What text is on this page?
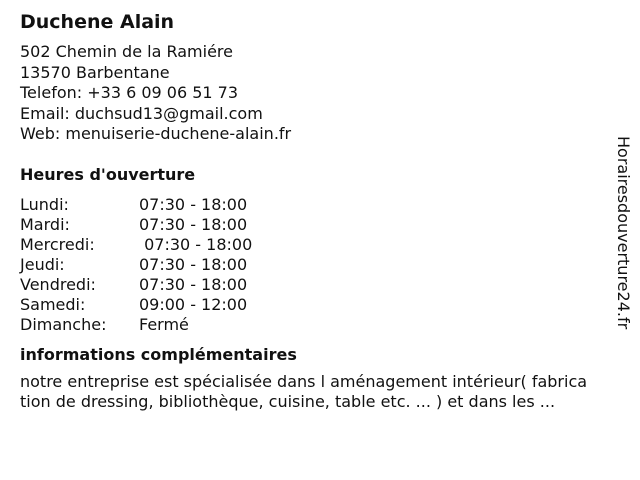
Duchene Alain
502 Chemin de la Ramiére
13570 Barbentane
Telefon: +33 6 09 06 51 73
Email: duchsud13@gmail.com
Web: menuiserie-duchene-alain.fr
Heures d'ouverture
Lundi:	07:30 - 18:00
Mardi:	07:30 - 18:00
Mercredi:	07:30 - 18:00
Jeudi:	07:30 - 18:00
Vendredi:	07:30 - 18:00
Samedi:	09:00 - 12:00
Dimanche:	Fermé
informations complémentaires
notre entreprise est spécialisée dans l aménagement intérieur( fabrica
tion de dressing, bibliothèque, cuisine, table etc. ... ) et dans les ...
Horairesdouverture24.fr
